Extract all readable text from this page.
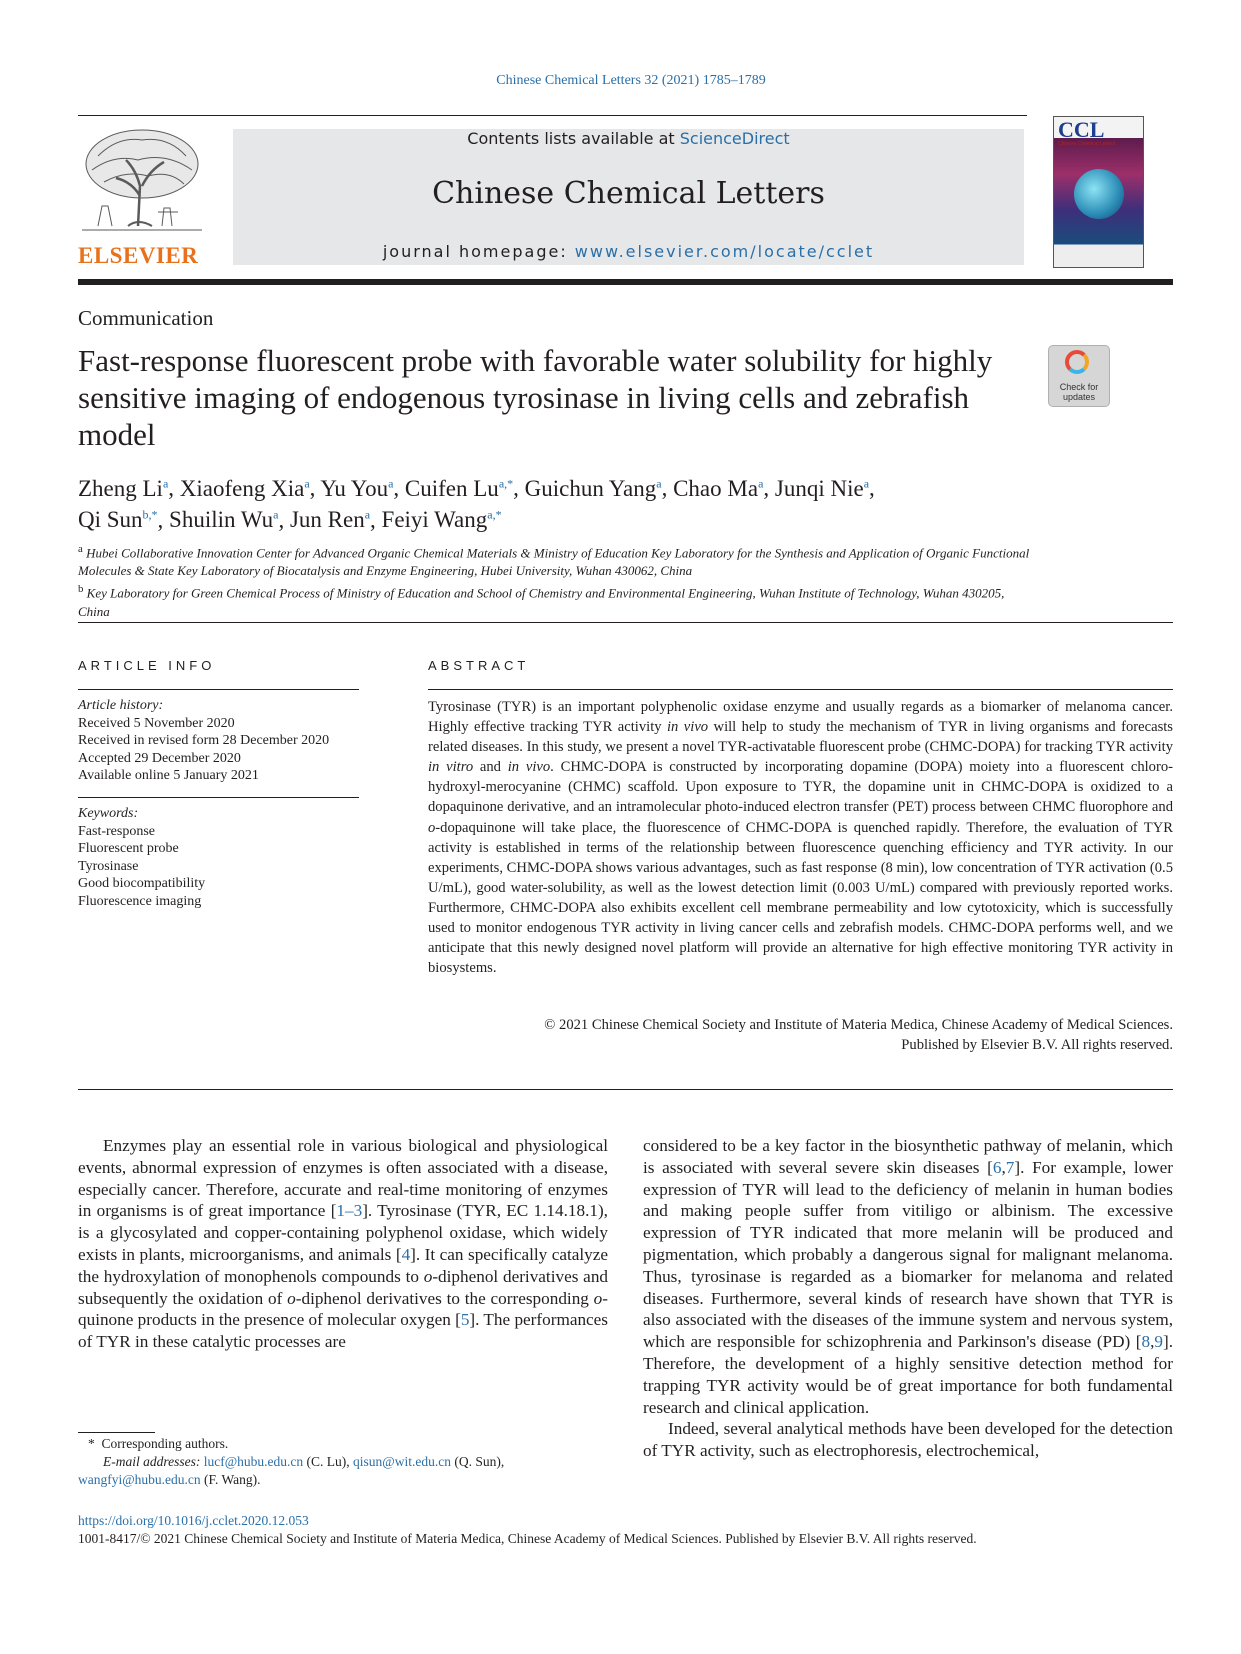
Chinese Chemical Letters 32 (2021) 1785–1789
ELSEVIER
Contents lists available at ScienceDirect
Chinese Chemical Letters
journal homepage: www.elsevier.com/locate/cclet
CCL
Chinese Chemical Letters
Communication
Fast-response fluorescent probe with favorable water solubility for highly sensitive imaging of endogenous tyrosinase in living cells and zebrafish model
Check for
updates
Zheng Li$^a$, Xiaofeng Xia$^a$, Yu You$^a$, Cuifen $Lu^{a,*}$, Guichun Yang$^a$, Chao Ma$^a$, Junqi Nie$^a$,
Qi Sun$^{b,*}$, Shuilin Wu$^a$, Jun Ren$^a$, Feiyi Wang$^{a,*}$
$^a$ Hubei Collaborative Innovation Center for Advanced Organic Chemical Materials & Ministry of Education Key Laboratory for the Synthesis and Application of Organic Functional Molecules & State Key Laboratory of Biocatalysis and Enzyme Engineering, Hubei University, Wuhan 430062, China
$^b$ Key Laboratory for Green Chemical Process of Ministry of Education and School of Chemistry and Environmental Engineering, Wuhan Institute of Technology, Wuhan 430205, China
ARTICLE INFO
Article history:
Received 5 November 2020
Received in revised form 28 December 2020
Accepted 29 December 2020
Available online 5 January 2021
Keywords:
Fast-response
Fluorescent probe
Tyrosinase
Good biocompatibility
Fluorescence imaging
ABSTRACT
Tyrosinase (TYR) is an important polyphenolic oxidase enzyme and usually regards as a biomarker of melanoma cancer. Highly effective tracking TYR activity in vivo will help to study the mechanism of TYR in living organisms and forecasts related diseases. In this study, we present a novel TYR-activatable fluorescent probe (CHMC-DOPA) for tracking TYR activity in vitro and in vivo. CHMC-DOPA is constructed by incorporating dopamine (DOPA) moiety into a fluorescent chloro-hydroxyl-merocyanine (CHMC) scaffold. Upon exposure to TYR, the dopamine unit in CHMC-DOPA is oxidized to a dopaquinone derivative, and an intramolecular photo-induced electron transfer (PET) process between CHMC fluorophore and o-dopaquinone will take place, the fluorescence of CHMC-DOPA is quenched rapidly. Therefore, the evaluation of TYR activity is established in terms of the relationship between fluorescence quenching efficiency and TYR activity. In our experiments, CHMC-DOPA shows various advantages, such as fast response (8 min), low concentration of TYR activation (0.5 U/mL), good water-solubility, as well as the lowest detection limit (0.003 U/mL) compared with previously reported works. Furthermore, CHMC-DOPA also exhibits excellent cell membrane permeability and low cytotoxicity, which is successfully used to monitor endogenous TYR activity in living cancer cells and zebrafish models. CHMC-DOPA performs well, and we anticipate that this newly designed novel platform will provide an alternative for high effective monitoring TYR activity in biosystems.
© 2021 Chinese Chemical Society and Institute of Materia Medica, Chinese Academy of Medical Sciences.
Published by Elsevier B.V. All rights reserved.
Enzymes play an essential role in various biological and physiological events, abnormal expression of enzymes is often associated with a disease, especially cancer. Therefore, accurate and real-time monitoring of enzymes in organisms is of great importance [1–3]. Tyrosinase (TYR, EC 1.14.18.1), is a glycosylated and copper-containing polyphenol oxidase, which widely exists in plants, microorganisms, and animals [4]. It can specifically catalyze the hydroxylation of monophenols compounds to o-diphenol derivatives and subsequently the oxidation of o-diphenol derivatives to the corresponding o-quinone products in the presence of molecular oxygen [5]. The performances of TYR in these catalytic processes are
considered to be a key factor in the biosynthetic pathway of melanin, which is associated with several severe skin diseases [6,7]. For example, lower expression of TYR will lead to the deficiency of melanin in human bodies and making people suffer from vitiligo or albinism. The excessive expression of TYR indicated that more melanin will be produced and pigmentation, which probably a dangerous signal for malignant melanoma. Thus, tyrosinase is regarded as a biomarker for melanoma and related diseases. Furthermore, several kinds of research have shown that TYR is also associated with the diseases of the immune system and nervous system, which are responsible for schizophrenia and Parkinson's disease (PD) [8,9]. Therefore, the development of a highly sensitive detection method for trapping TYR activity would be of great importance for both fundamental research and clinical application.
Indeed, several analytical methods have been developed for the detection of TYR activity, such as electrophoresis, electrochemical,
* Corresponding authors.
E-mail addresses: lucf@hubu.edu.cn (C. Lu), qisun@wit.edu.cn (Q. Sun),
wangfyi@hubu.edu.cn (F. Wang).
https://doi.org/10.1016/j.cclet.2020.12.053
1001-8417/© 2021 Chinese Chemical Society and Institute of Materia Medica, Chinese Academy of Medical Sciences. Published by Elsevier B.V. All rights reserved.
